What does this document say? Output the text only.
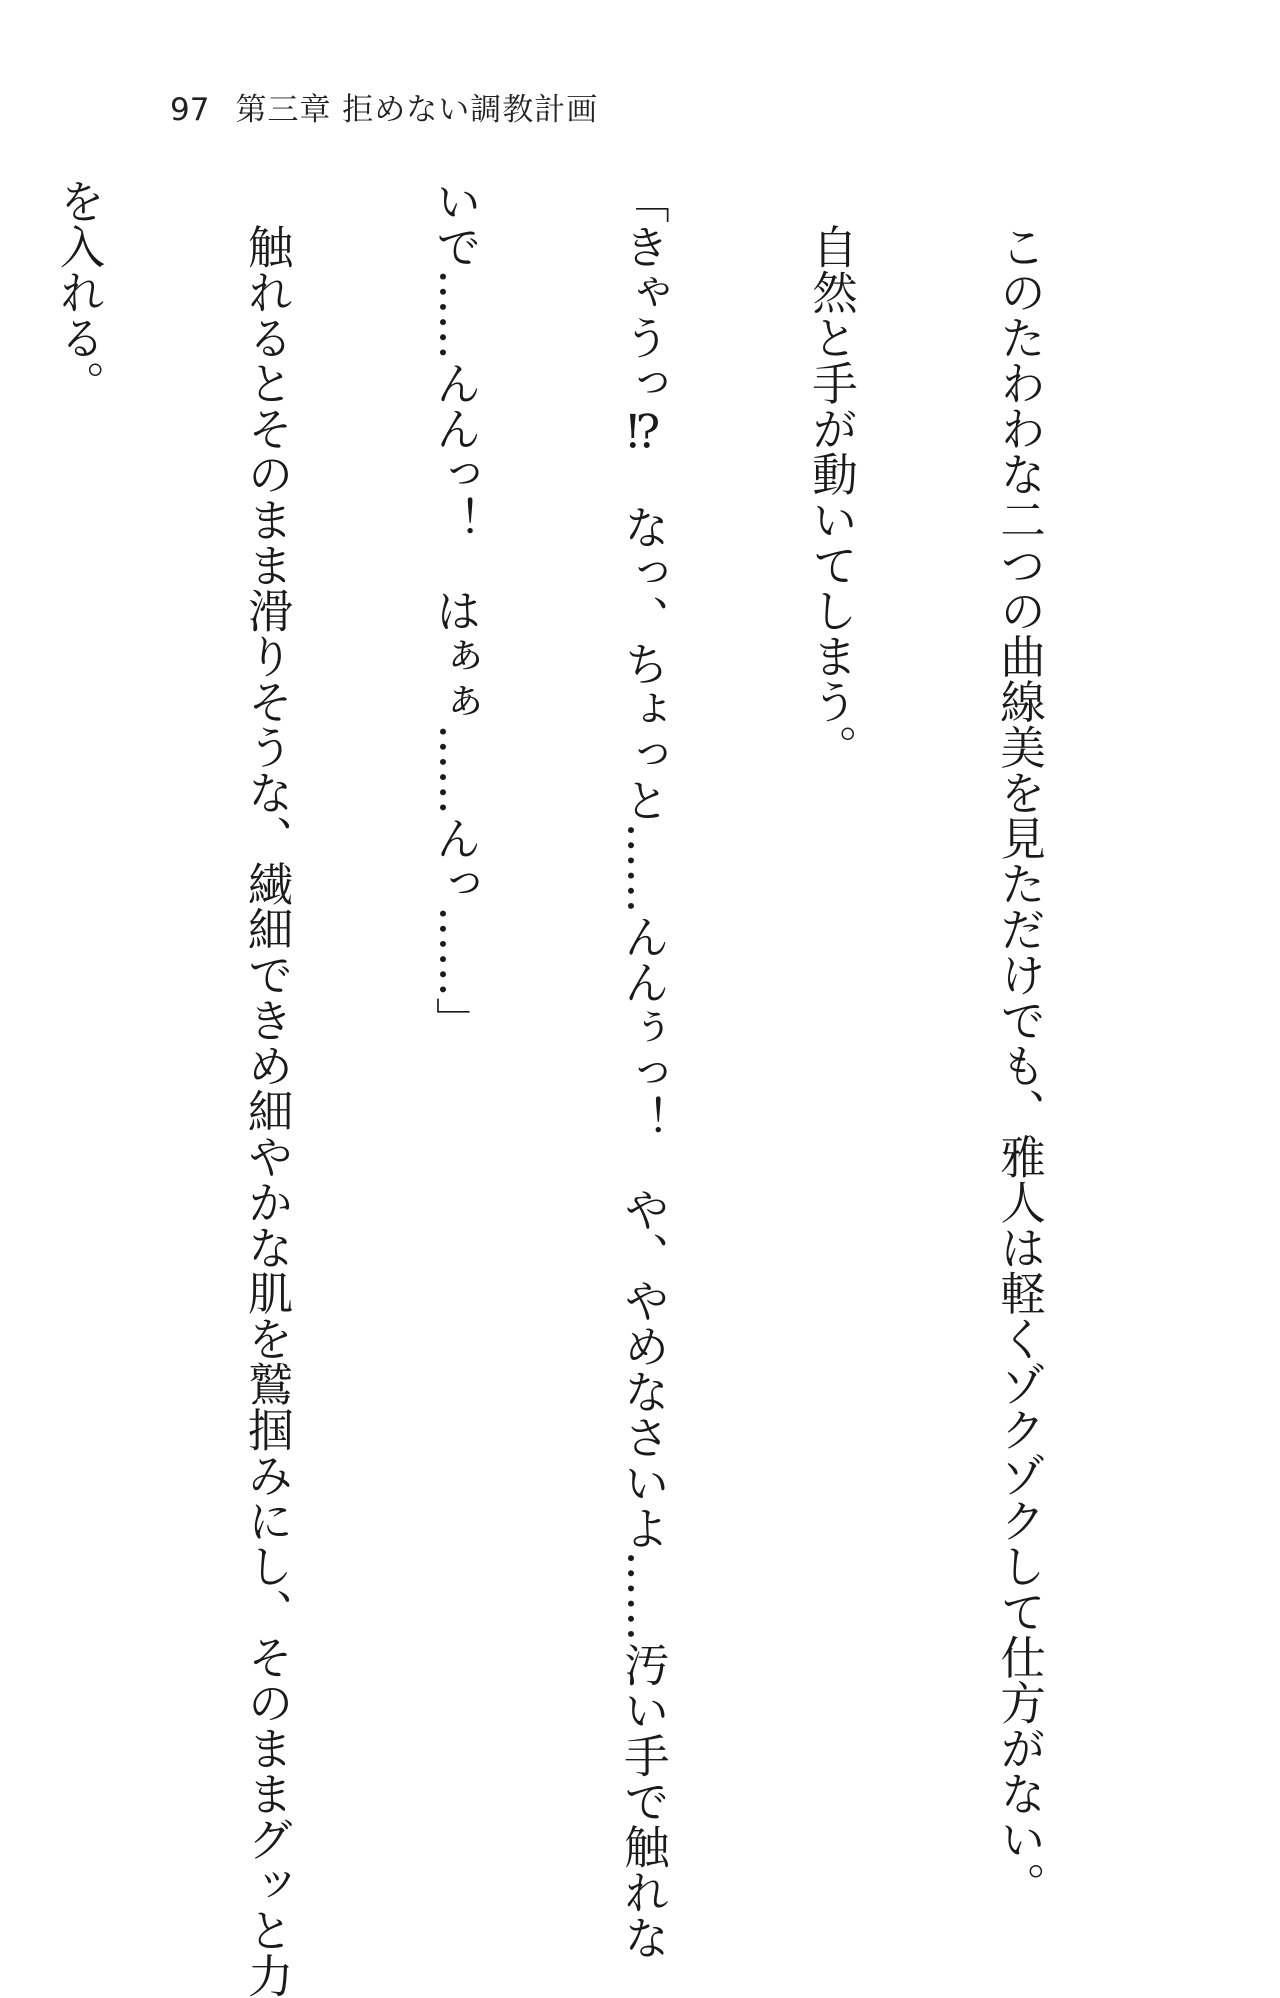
97 第三章 拒めない調教計画

　このたわわな二つの曲線美を見ただけでも、雅人は軽くゾクゾクして仕方がない。

　自然と手が動いてしまう。

「きゃうっ⁉　なっ、ちょっと……んんぅっ！　や、やめなさいよ……汚い手で触れな

いで……んんっ！　はぁぁ……んっ……」

　触れるとそのまま滑りそうな、繊細できめ細やかな肌を鷲掴みにし、そのままグッと力

を入れる。
